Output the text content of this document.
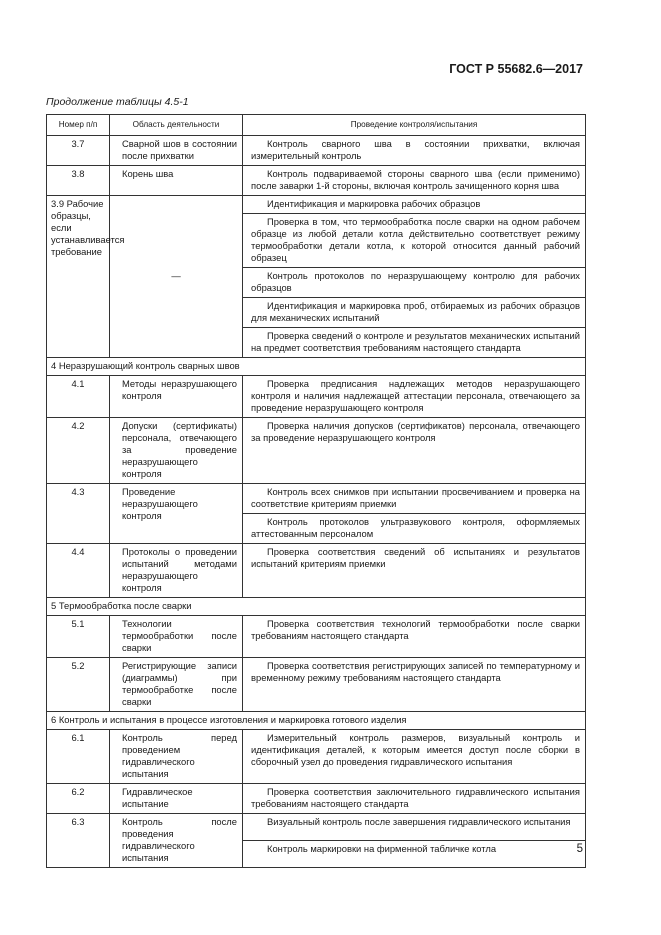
ГОСТ Р 55682.6—2017
Продолжение таблицы 4.5-1
Номер п/п	Область деятельности	Проведение контроля/испытания
3.7	Сварной шов в состоянии после прихватки	Контроль сварного шва в состоянии прихватки, включая измерительный контроль

3.8	Корень шва	Контроль подвариваемой стороны сварного шва (если применимо) после заварки 1-й стороны, включая контроль зачищенного корня шва

3.9 Рабочие образцы, если устанавливается требование	—	Идентификация и маркировка рабочих образцов

		Проверка в том, что термообработка после сварки на одном рабочем образце из любой детали котла действительно соответствует режиму термообработки детали котла, к которой относится данный рабочий образец

		Контроль протоколов по неразрушающему контролю для рабочих образцов

		Идентификация и маркировка проб, отбираемых из рабочих образцов для механических испытаний

		Проверка сведений о контроле и результатов механических испытаний на предмет соответствия требованиям настоящего стандарта

4 Неразрушающий контроль сварных швов		
4.1	Методы неразрушающего контроля	Проверка предписания надлежащих методов неразрушающего контроля и наличия надлежащей аттестации персонала, отвечающего за проведение неразрушающего контроля

4.2	Допуски (сертификаты) персонала, отвечающего за проведение неразрушающего контроля	Проверка наличия допусков (сертификатов) персонала, отвечающего за проведение неразрушающего контроля

4.3	Проведение неразрушающего контроля	Контроль всех снимков при испытании просвечиванием и проверка на соответствие критериям приемки

		Контроль протоколов ультразвукового контроля, оформляемых аттестованным персоналом

4.4	Протоколы о проведении испытаний методами неразрушающего контроля	Проверка соответствия сведений об испытаниях и результатов испытаний критериям приемки

5 Термообработка после сварки		
5.1	Технологии термообработки после сварки	Проверка соответствия технологий термообработки после сварки требованиям настоящего стандарта

5.2	Регистрирующие записи (диаграммы) при термообработке после сварки	Проверка соответствия регистрирующих записей по температурному и временному режиму требованиям настоящего стандарта

6 Контроль и испытания в процессе изготовления и маркировка готового изделия		
6.1	Контроль перед проведением гидравлического испытания	Измерительный контроль размеров, визуальный контроль и идентификация деталей, к которым имеется доступ после сборки в сборочный узел до проведения гидравлического испытания

6.2	Гидравлическое испытание	Проверка соответствия заключительного гидравлического испытания требованиям настоящего стандарта

6.3	Контроль после проведения гидравлического испытания	Визуальный контроль после завершения гидравлического испытания

		Контроль маркировки на фирменной табличке котла	5
